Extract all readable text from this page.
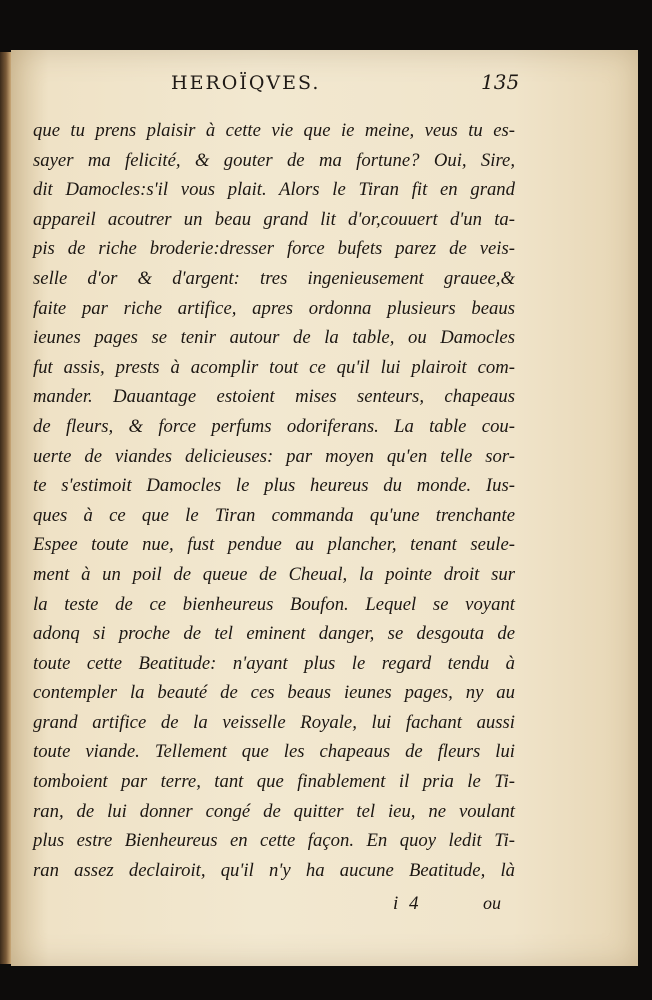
HEROÏQVES.	135
que tu prens plaisir à cette vie que ie meine, veus tu es-
sayer ma felicité, & gouter de ma fortune? Oui, Sire,
dit Damocles:s'il vous plait. Alors le Tiran fit en grand
appareil acoutrer un beau grand lit d'or,couuert d'un ta-
pis de riche broderie:dresser force bufets parez de veis-
selle d'or & d'argent: tres ingenieusement grauee,&
faite par riche artifice, apres ordonna plusieurs beaus
ieunes pages se tenir autour de la table, ou Damocles
fut assis, prests à acomplir tout ce qu'il lui plairoit com-
mander. Dauantage estoient mises senteurs, chapeaus
de fleurs, & force perfums odoriferans. La table cou-
uerte de viandes delicieuses: par moyen qu'en telle sor-
te s'estimoit Damocles le plus heureus du monde. Ius-
ques à ce que le Tiran commanda qu'une trenchante
Espee toute nue, fust pendue au plancher, tenant seule-
ment à un poil de queue de Cheual, la pointe droit sur
la teste de ce bienheureus Boufon. Lequel se voyant
adonq si proche de tel eminent danger, se desgouta de
toute cette Beatitude: n'ayant plus le regard tendu à
contempler la beauté de ces beaus ieunes pages, ny au
grand artifice de la veisselle Royale, lui fachant aussi
toute viande. Tellement que les chapeaus de fleurs lui
tomboient par terre, tant que finablement il pria le Ti-
ran, de lui donner congé de quitter tel ieu, ne voulant
plus estre Bienheureus en cette façon. En quoy ledit Ti-
ran assez declairoit, qu'il n'y ha aucune Beatitude, là
i 4	ou
